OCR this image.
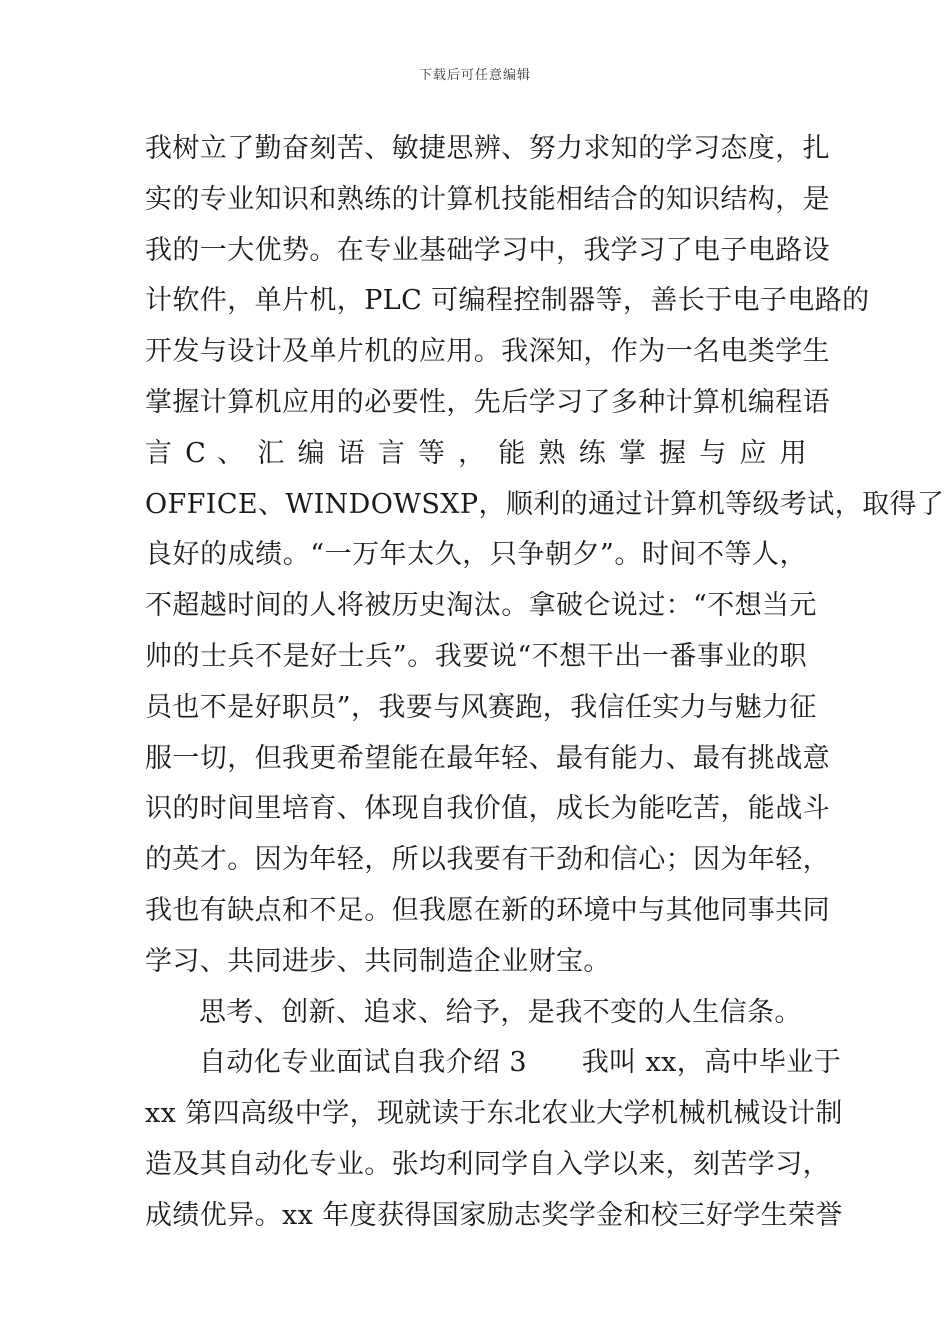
下载后可任意编辑
我树立了勤奋刻苦、敏捷思辨、努力求知的学习态度，扎
实的专业知识和熟练的计算机技能相结合的知识结构，是
我的一大优势。在专业基础学习中，我学习了电子电路设
计软件，单片机，PLC 可编程控制器等，善长于电子电路的
开发与设计及单片机的应用。我深知，作为一名电类学生
掌握计算机应用的必要性，先后学习了多种计算机编程语
言 C 、 汇 编 语 言 等 ， 能 熟 练 掌 握 与 应 用
OFFICE、WINDOWSXP，顺利的通过计算机等级考试，取得了
良好的成绩。“一万年太久，只争朝夕”。时间不等人，
不超越时间的人将被历史淘汰。拿破仑说过：“不想当元
帅的士兵不是好士兵”。我要说“不想干出一番事业的职
员也不是好职员”，我要与风赛跑，我信任实力与魅力征
服一切，但我更希望能在最年轻、最有能力、最有挑战意
识的时间里培育、体现自我价值，成长为能吃苦，能战斗
的英才。因为年轻，所以我要有干劲和信心；因为年轻，
我也有缺点和不足。但我愿在新的环境中与其他同事共同
学习、共同进步、共同制造企业财宝。
思考、创新、追求、给予，是我不变的人生信条。
自动化专业面试自我介绍 3　　我叫 xx，高中毕业于
xx 第四高级中学，现就读于东北农业大学机械机械设计制
造及其自动化专业。张均利同学自入学以来，刻苦学习，
成绩优异。xx 年度获得国家励志奖学金和校三好学生荣誉
